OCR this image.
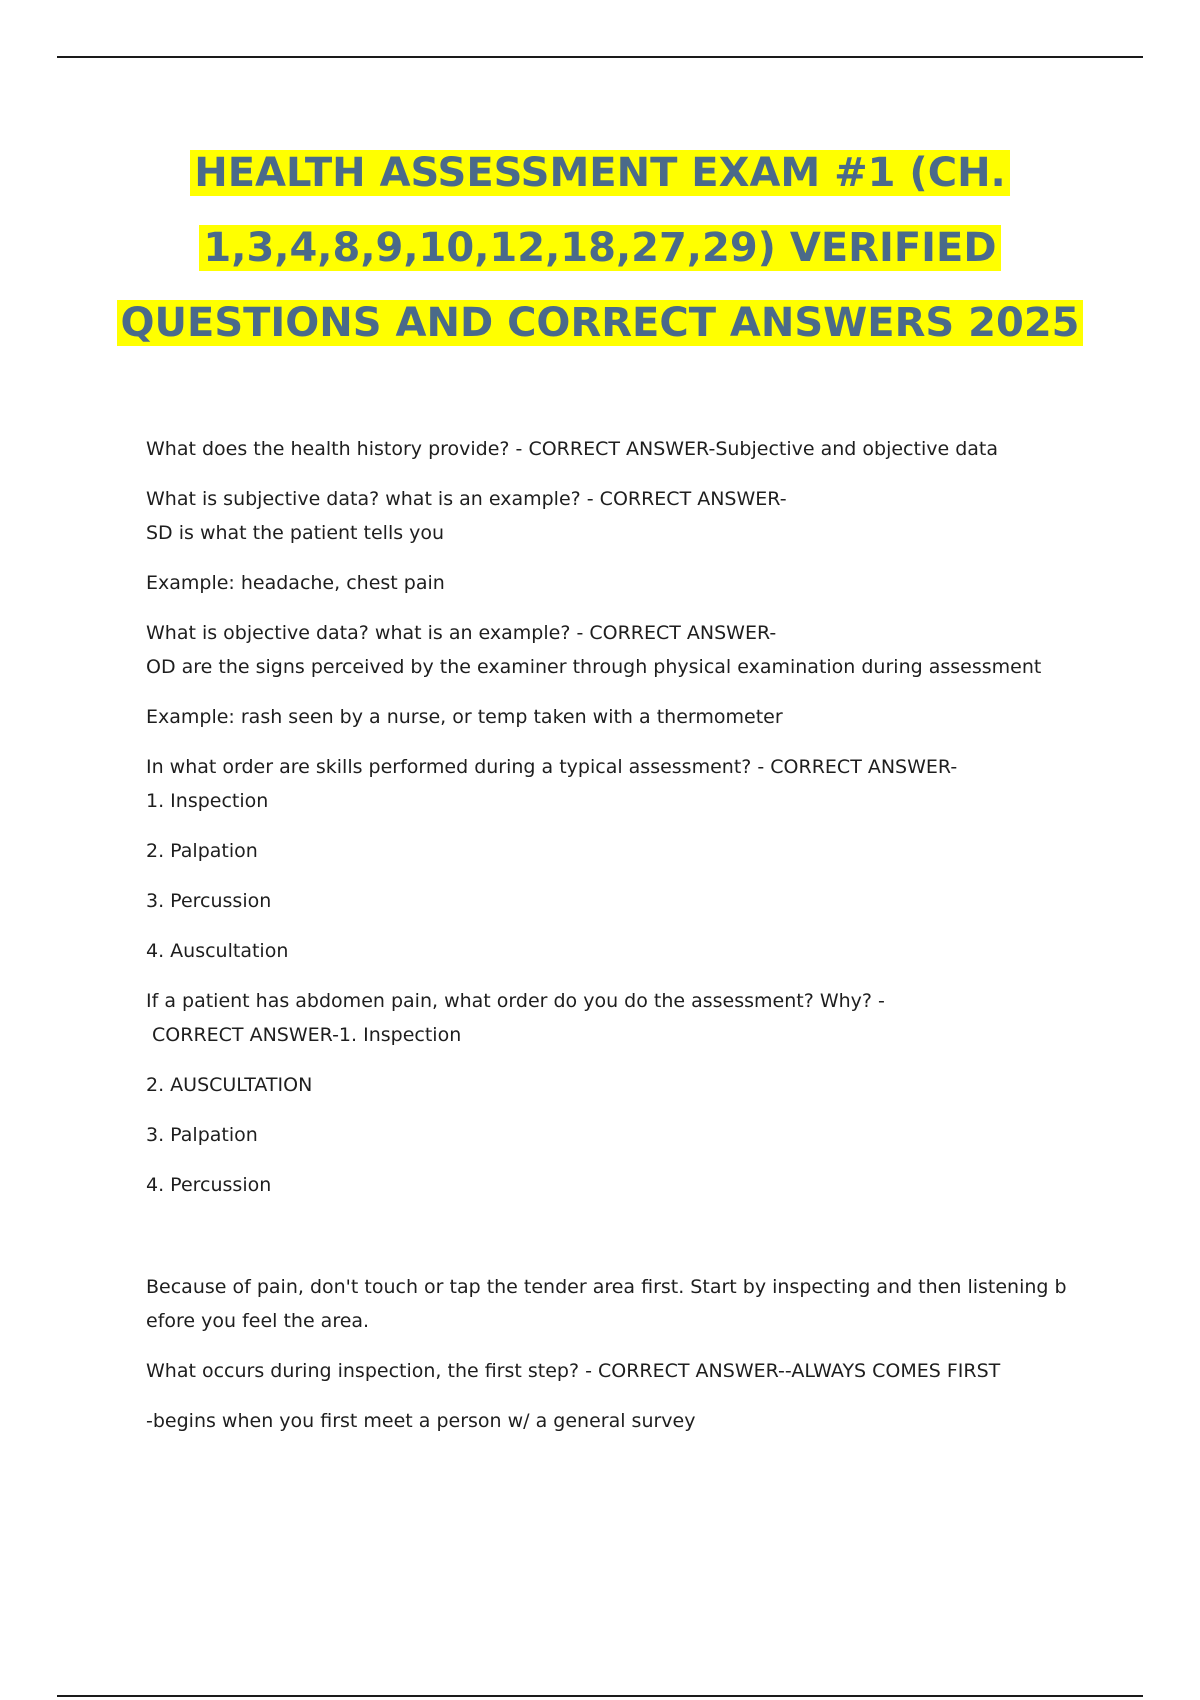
HEALTH ASSESSMENT EXAM #1 (CH.
1,3,4,8,9,10,12,18,27,29) VERIFIED
QUESTIONS AND CORRECT ANSWERS 2025

What does the health history provide? - CORRECT ANSWER-Subjective and objective data

What is subjective data? what is an example? - CORRECT ANSWER-

SD is what the patient tells you

Example: headache, chest pain

What is objective data? what is an example? - CORRECT ANSWER-

OD are the signs perceived by the examiner through physical examination during assessment

Example: rash seen by a nurse, or temp taken with a thermometer

In what order are skills performed during a typical assessment? - CORRECT ANSWER-

1. Inspection

2. Palpation

3. Percussion

4. Auscultation

If a patient has abdomen pain, what order do you do the assessment? Why? -

CORRECT ANSWER-1. Inspection

2. AUSCULTATION

3. Palpation

4. Percussion

Because of pain, don't touch or tap the tender area first. Start by inspecting and then listening b

efore you feel the area.

What occurs during inspection, the first step? - CORRECT ANSWER--ALWAYS COMES FIRST

-begins when you first meet a person w/ a general survey
